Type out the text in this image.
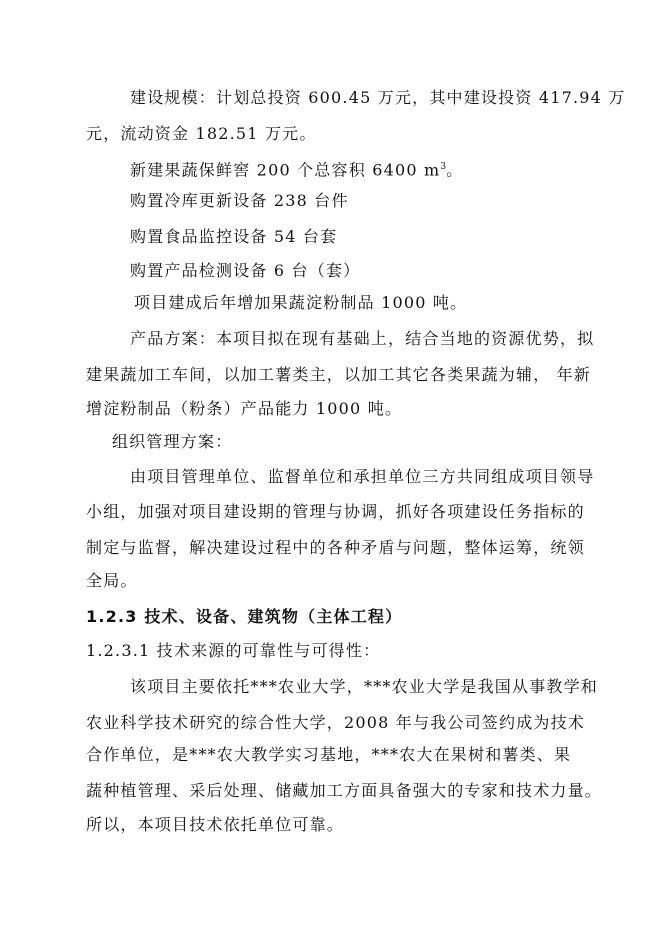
建设规模：计划总投资 600.45 万元，其中建设投资 417.94 万
元，流动资金 182.51 万元。
新建果蔬保鲜窖 200 个总容积 6400 $m^3$。
购置冷库更新设备 238 台件
购置食品监控设备 54 台套
购置产品检测设备 6 台（套）
项目建成后年增加果蔬淀粉制品 1000 吨。
产品方案：本项目拟在现有基础上，结合当地的资源优势，拟
建果蔬加工车间，以加工薯类主，以加工其它各类果蔬为辅， 年新
增淀粉制品（粉条）产品能力 1000 吨。
组织管理方案：
由项目管理单位、监督单位和承担单位三方共同组成项目领导
小组，加强对项目建设期的管理与协调，抓好各项建设任务指标的
制定与监督，解决建设过程中的各种矛盾与问题，整体运筹，统领
全局。
1.2.3 技术、设备、建筑物（主体工程）
1.2.3.1 技术来源的可靠性与可得性：
该项目主要依托***农业大学，***农业大学是我国从事教学和
农业科学技术研究的综合性大学，2008 年与我公司签约成为技术
合作单位，是***农大教学实习基地，***农大在果树和薯类、果
蔬种植管理、采后处理、储藏加工方面具备强大的专家和技术力量。
所以，本项目技术依托单位可靠。
